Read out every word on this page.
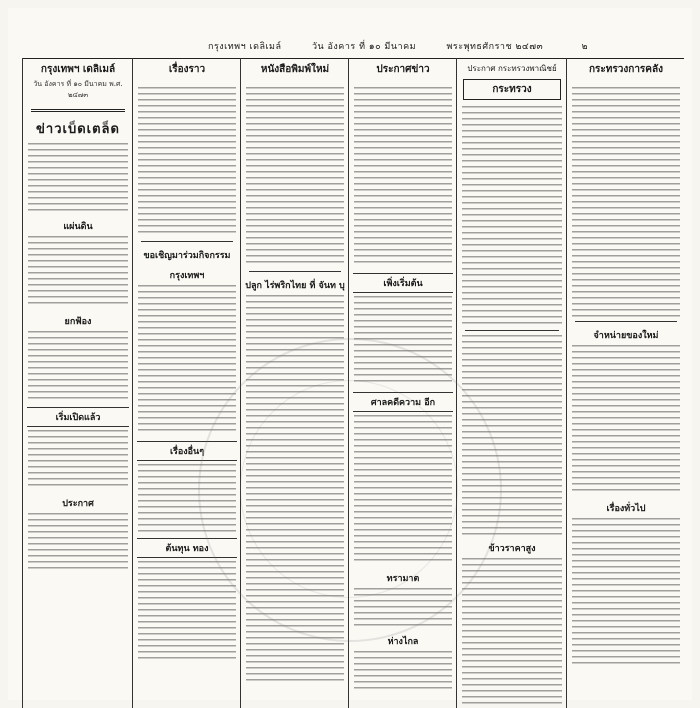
กรุงเทพฯ เดลิเมล์	วัน อังคาร ที่ ๑๐ มีนาคม	พระพุทธศักราช ๒๔๗๓	๒
กรุงเทพฯ เดลิเมล์
วัน อังคาร ที่ ๑๐ มีนาคม พ.ศ. ๒๔๗๓
ข่าวเบ็ดเตล็ด
แผ่นดิน
ยกฟ้อง
เริ่มเปิดแล้ว
ประกาศ
เรื่องราว
ขอเชิญมาร่วมกิจกรรม
กรุงเทพฯ
เรื่องอื่นๆ
ต้นทุน ทอง
หนังสือพิมพ์ใหม่
ปลูก ไร่พริกไทย ที่ จันท บุ
ประกาศข่าว
เพิ่งเริ่มต้น
ศาลคดีความ อีก
ทรามาต
ห่างไกล
ประกาศ กระทรวงพาณิชย์
กระทรวง
ข้าวราคาสูง
กระทรวงการคลัง
จำหน่ายของใหม่
เรื่องทั่วไป
